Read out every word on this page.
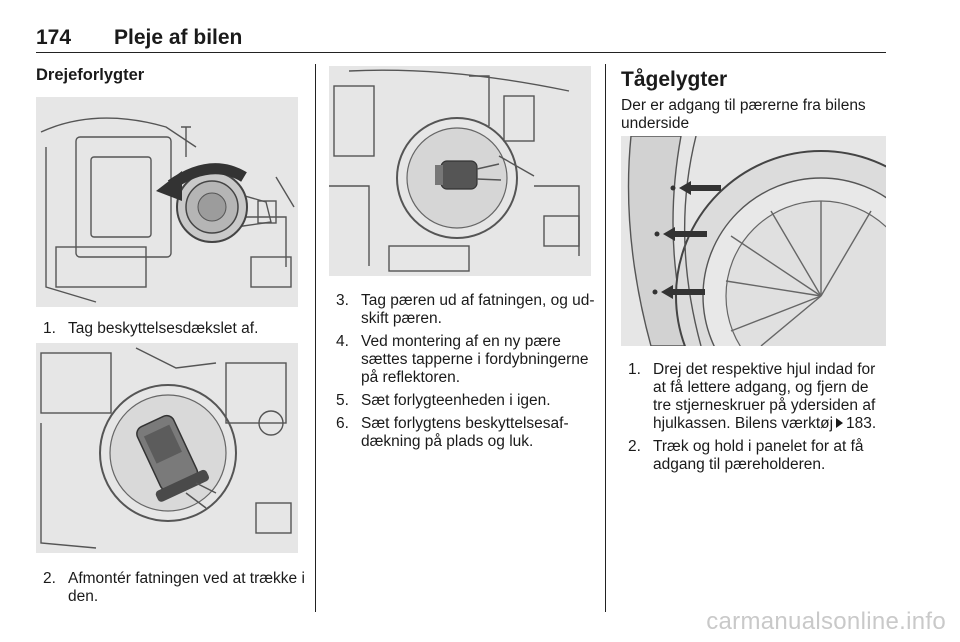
174 Pleje af bilen
Drejeforlygter
1. Tag beskyttelsesdækslet af.
2. Afmontér fatningen ved at trække i den.
3. Tag pæren ud af fatningen, og udskift pæren.
4. Ved montering af en ny pære sættes tapperne i fordybningerne på reflektoren.
5. Sæt forlygteenheden i igen.
6. Sæt forlygtens beskyttelsesafdækning på plads og luk.
Tågelygter
Der er adgang til pærerne fra bilens underside
1. Drej det respektive hjul indad for at få lettere adgang, og fjern de tre stjerneskruer på ydersiden af hjulkassen. Bilens værktøj 183.
2. Træk og hold i panelet for at få adgang til pæreholderen.
carmanualsonline.info
